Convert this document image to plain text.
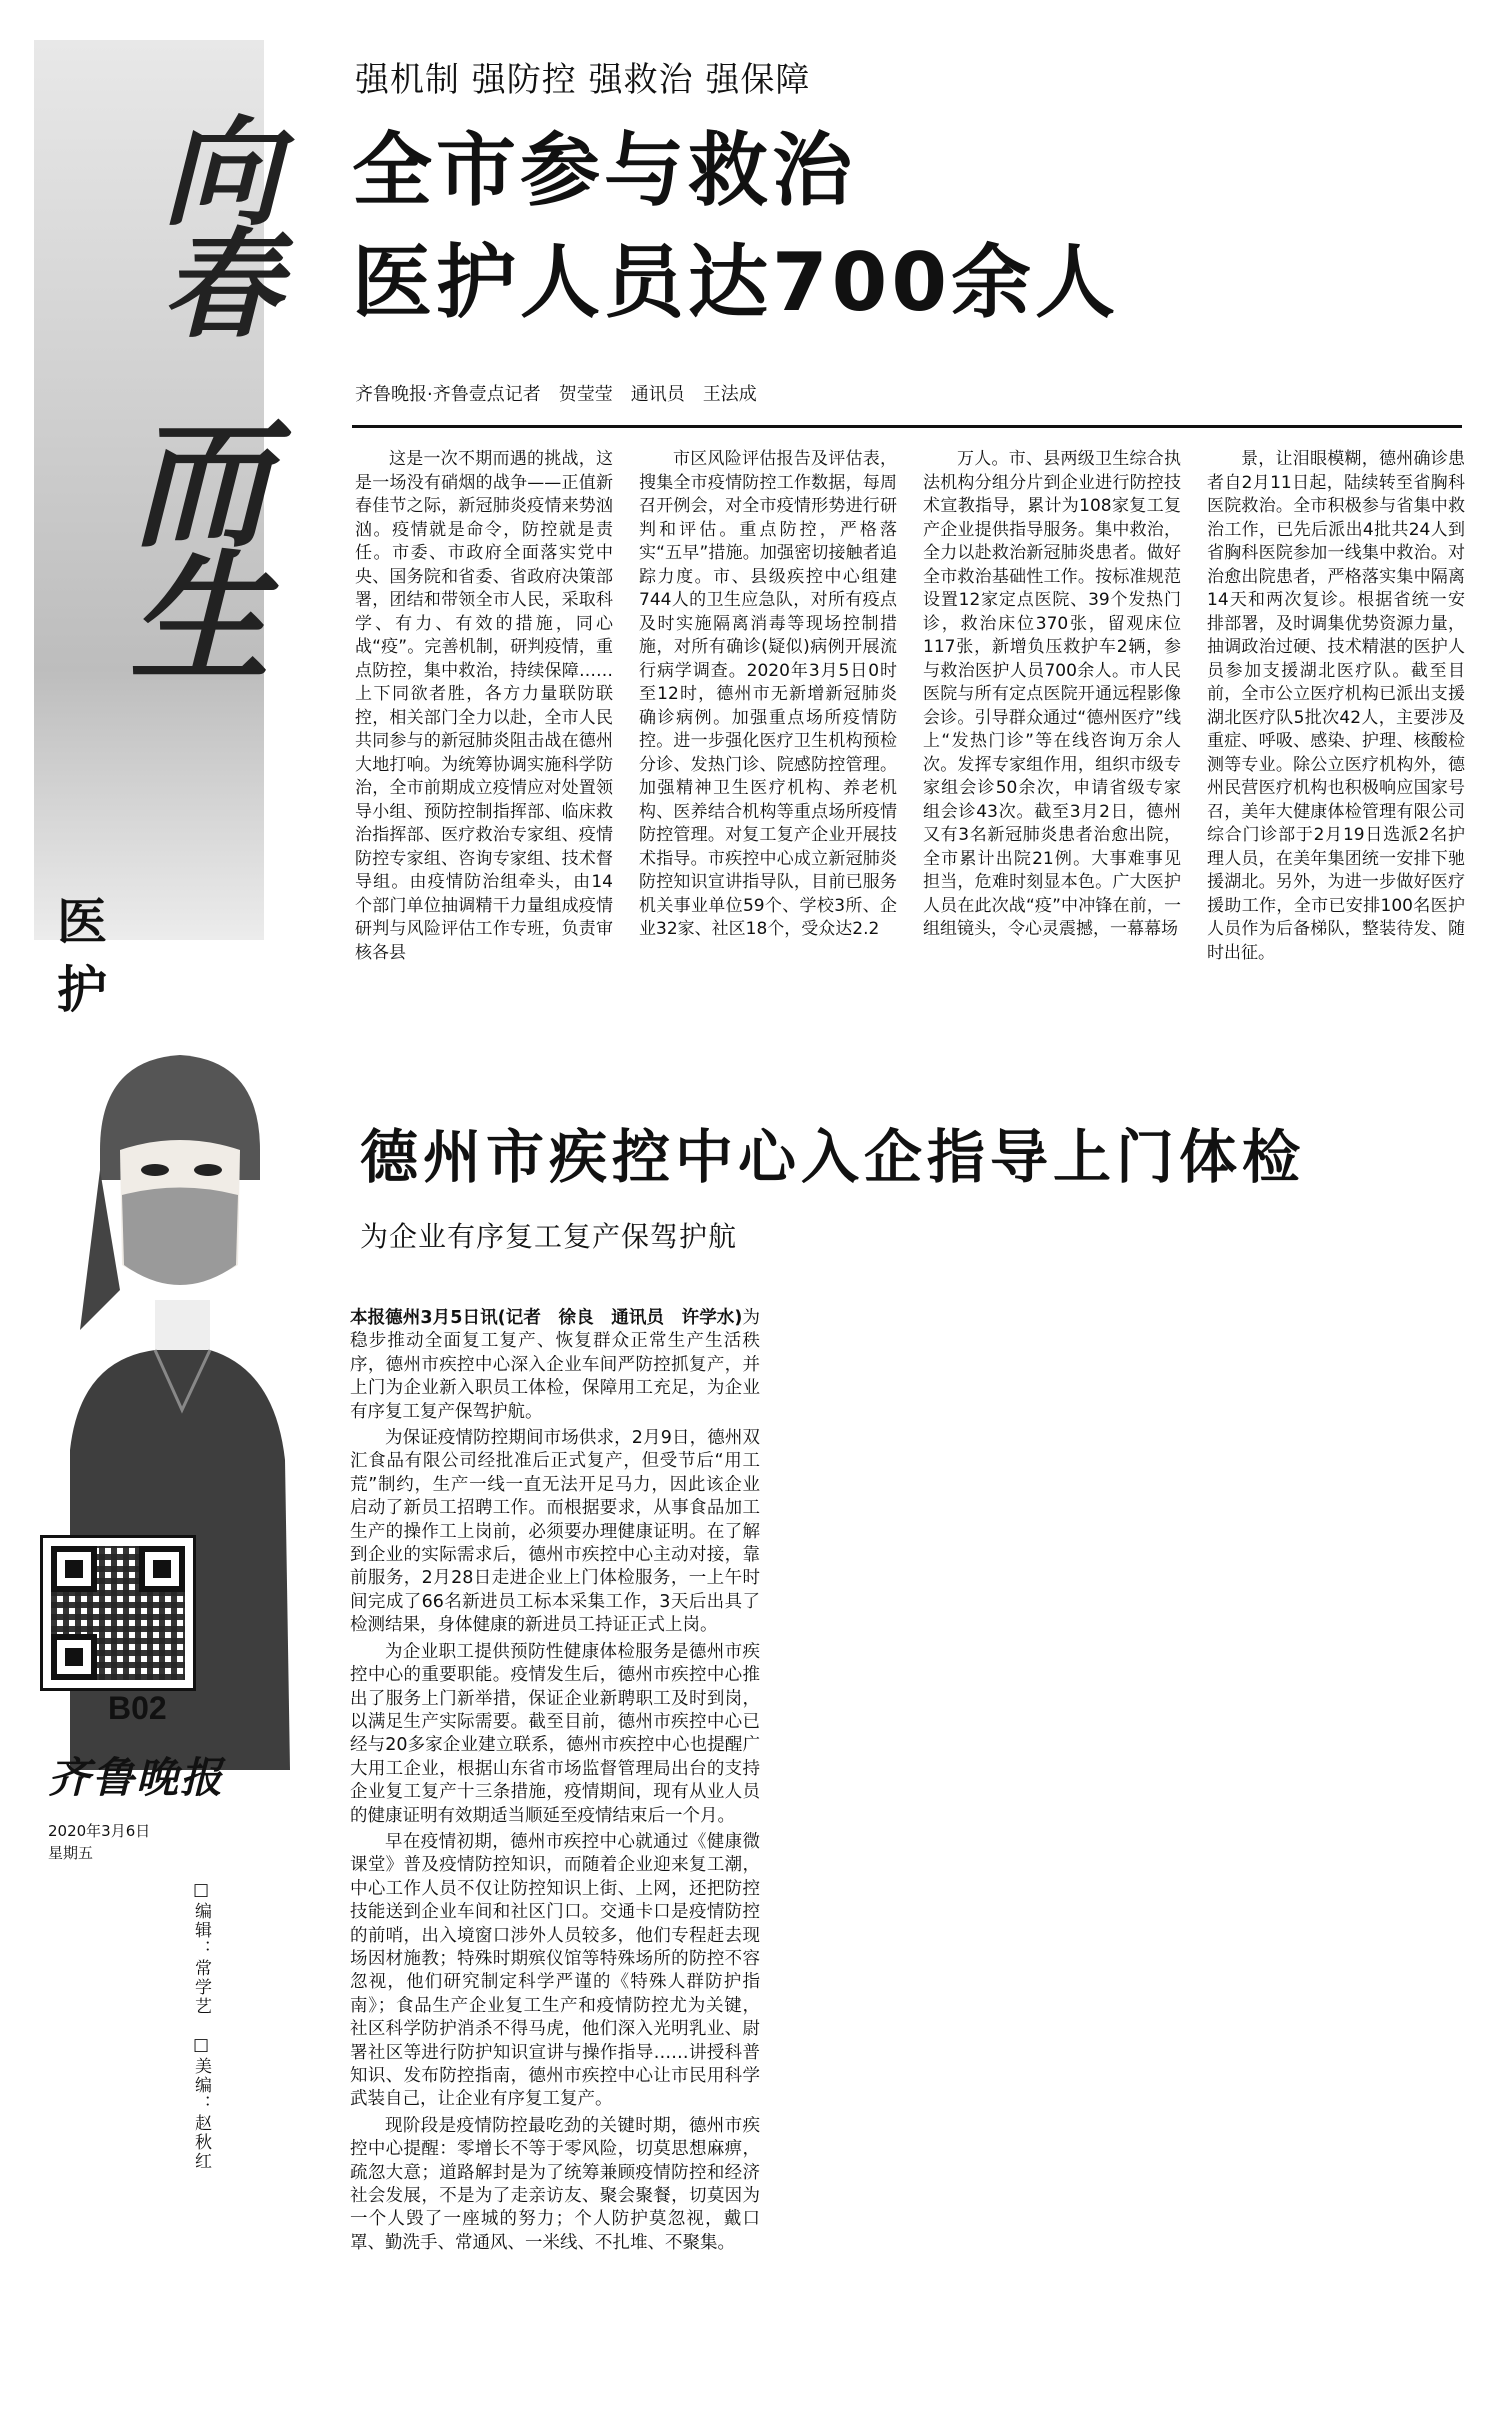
向春
而生
医护
B02
齐鲁晚报
2020年3月6日
星期五
□编辑：常学艺　□美编：赵秋红
强机制 强防控 强救治 强保障
全市参与救治
医护人员达700余人
齐鲁晚报·齐鲁壹点记者　贺莹莹　通讯员　王法成
这是一次不期而遇的挑战，这是一场没有硝烟的战争——正值新春佳节之际，新冠肺炎疫情来势汹汹。疫情就是命令，防控就是责任。市委、市政府全面落实党中央、国务院和省委、省政府决策部署，团结和带领全市人民，采取科学、有力、有效的措施，同心战“疫”。完善机制，研判疫情，重点防控，集中救治，持续保障……上下同欲者胜，各方力量联防联控，相关部门全力以赴，全市人民共同参与的新冠肺炎阻击战在德州大地打响。为统筹协调实施科学防治，全市前期成立疫情应对处置领导小组、预防控制指挥部、临床救治指挥部、医疗救治专家组、疫情防控专家组、咨询专家组、技术督导组。由疫情防治组牵头，由14个部门单位抽调精干力量组成疫情研判与风险评估工作专班，负责审核各县
市区风险评估报告及评估表，搜集全市疫情防控工作数据，每周召开例会，对全市疫情形势进行研判和评估。重点防控，严格落实“五早”措施。加强密切接触者追踪力度。市、县级疾控中心组建744人的卫生应急队，对所有疫点及时实施隔离消毒等现场控制措施，对所有确诊(疑似)病例开展流行病学调查。2020年3月5日0时至12时，德州市无新增新冠肺炎确诊病例。加强重点场所疫情防控。进一步强化医疗卫生机构预检分诊、发热门诊、院感防控管理。加强精神卫生医疗机构、养老机构、医养结合机构等重点场所疫情防控管理。对复工复产企业开展技术指导。市疾控中心成立新冠肺炎防控知识宣讲指导队，目前已服务机关事业单位59个、学校3所、企业32家、社区18个，受众达2.2
万人。市、县两级卫生综合执法机构分组分片到企业进行防控技术宣教指导，累计为108家复工复产企业提供指导服务。集中救治，全力以赴救治新冠肺炎患者。做好全市救治基础性工作。按标准规范设置12家定点医院、39个发热门诊，救治床位370张，留观床位117张，新增负压救护车2辆，参与救治医护人员700余人。市人民医院与所有定点医院开通远程影像会诊。引导群众通过“德州医疗”线上“发热门诊”等在线咨询万余人次。发挥专家组作用，组织市级专家组会诊50余次，申请省级专家组会诊43次。截至3月2日，德州又有3名新冠肺炎患者治愈出院，全市累计出院21例。大事难事见担当，危难时刻显本色。广大医护人员在此次战“疫”中冲锋在前，一组组镜头，令心灵震撼，一幕幕场
景，让泪眼模糊，德州确诊患者自2月11日起，陆续转至省胸科医院救治。全市积极参与省集中救治工作，已先后派出4批共24人到省胸科医院参加一线集中救治。对治愈出院患者，严格落实集中隔离14天和两次复诊。根据省统一安排部署，及时调集优势资源力量，抽调政治过硬、技术精湛的医护人员参加支援湖北医疗队。截至目前，全市公立医疗机构已派出支援湖北医疗队5批次42人，主要涉及重症、呼吸、感染、护理、核酸检测等专业。除公立医疗机构外，德州民营医疗机构也积极响应国家号召，美年大健康体检管理有限公司综合门诊部于2月19日选派2名护理人员，在美年集团统一安排下驰援湖北。另外，为进一步做好医疗援助工作，全市已安排100名医护人员作为后备梯队，整装待发、随时出征。
德州市疾控中心入企指导上门体检
为企业有序复工复产保驾护航

本报德州3月5日讯(记者　徐良　通讯员　许学水)为稳步推动全面复工复产、恢复群众正常生产生活秩序，德州市疾控中心深入企业车间严防控抓复产，并上门为企业新入职员工体检，保障用工充足，为企业有序复工复产保驾护航。

为保证疫情防控期间市场供求，2月9日，德州双汇食品有限公司经批准后正式复产，但受节后“用工荒”制约，生产一线一直无法开足马力，因此该企业启动了新员工招聘工作。而根据要求，从事食品加工生产的操作工上岗前，必须要办理健康证明。在了解到企业的实际需求后，德州市疾控中心主动对接，靠前服务，2月28日走进企业上门体检服务，一上午时间完成了66名新进员工标本采集工作，3天后出具了检测结果，身体健康的新进员工持证正式上岗。

为企业职工提供预防性健康体检服务是德州市疾控中心的重要职能。疫情发生后，德州市疾控中心推出了服务上门新举措，保证企业新聘职工及时到岗，以满足生产实际需要。截至目前，德州市疾控中心已经与20多家企业建立联系，德州市疾控中心也提醒广大用工企业，根据山东省市场监督管理局出台的支持企业复工复产十三条措施，疫情期间，现有从业人员的健康证明有效期适当顺延至疫情结束后一个月。

早在疫情初期，德州市疾控中心就通过《健康微课堂》普及疫情防控知识，而随着企业迎来复工潮，中心工作人员不仅让防控知识上街、上网，还把防控技能送到企业车间和社区门口。交通卡口是疫情防控的前哨，出入境窗口涉外人员较多，他们专程赶去现场因材施教；特殊时期殡仪馆等特殊场所的防控不容忽视，他们研究制定科学严谨的《特殊人群防护指南》；食品生产企业复工生产和疫情防控尤为关键，社区科学防护消杀不得马虎，他们深入光明乳业、尉署社区等进行防护知识宣讲与操作指导……讲授科普知识、发布防控指南，德州市疾控中心让市民用科学武装自己，让企业有序复工复产。

现阶段是疫情防控最吃劲的关键时期，德州市疾控中心提醒：零增长不等于零风险，切莫思想麻痹，疏忽大意；道路解封是为了统筹兼顾疫情防控和经济社会发展，不是为了走亲访友、聚会聚餐，切莫因为一个人毁了一座城的努力；个人防护莫忽视，戴口罩、勤洗手、常通风、一米线、不扎堆、不聚集。
